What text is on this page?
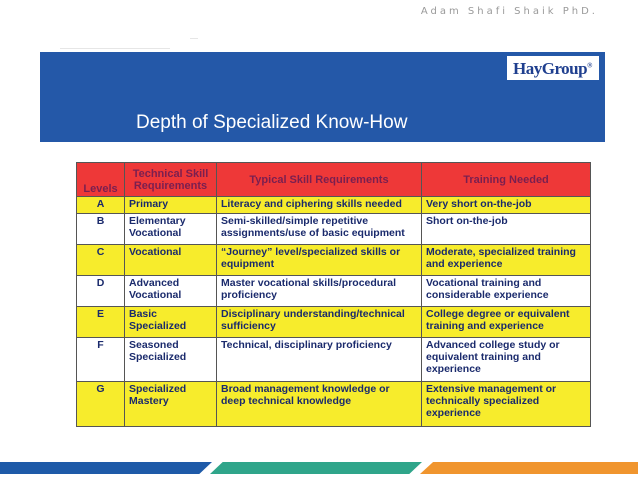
Adam Shafi Shaik PhD.
HayGroup®
Depth of Specialized Know-How
Levels	Technical Skill Requirements	Typical Skill Requirements	Training Needed
A	Primary	Literacy and ciphering skills needed	Very short on-the-job
B	Elementary Vocational	Semi-skilled/simple repetitive assignments/use of basic equipment	Short on-the-job
C	Vocational	“Journey” level/specialized skills or equipment	Moderate, specialized training and experience
D	Advanced Vocational	Master vocational skills/procedural proficiency	Vocational training and considerable experience
E	Basic Specialized	Disciplinary understanding/technical sufficiency	College degree or equivalent training and experience
F	Seasoned Specialized	Technical, disciplinary proficiency	Advanced college study or equivalent training and experience
G	Specialized Mastery	Broad management knowledge or deep technical knowledge	Extensive management or technically specialized experience
